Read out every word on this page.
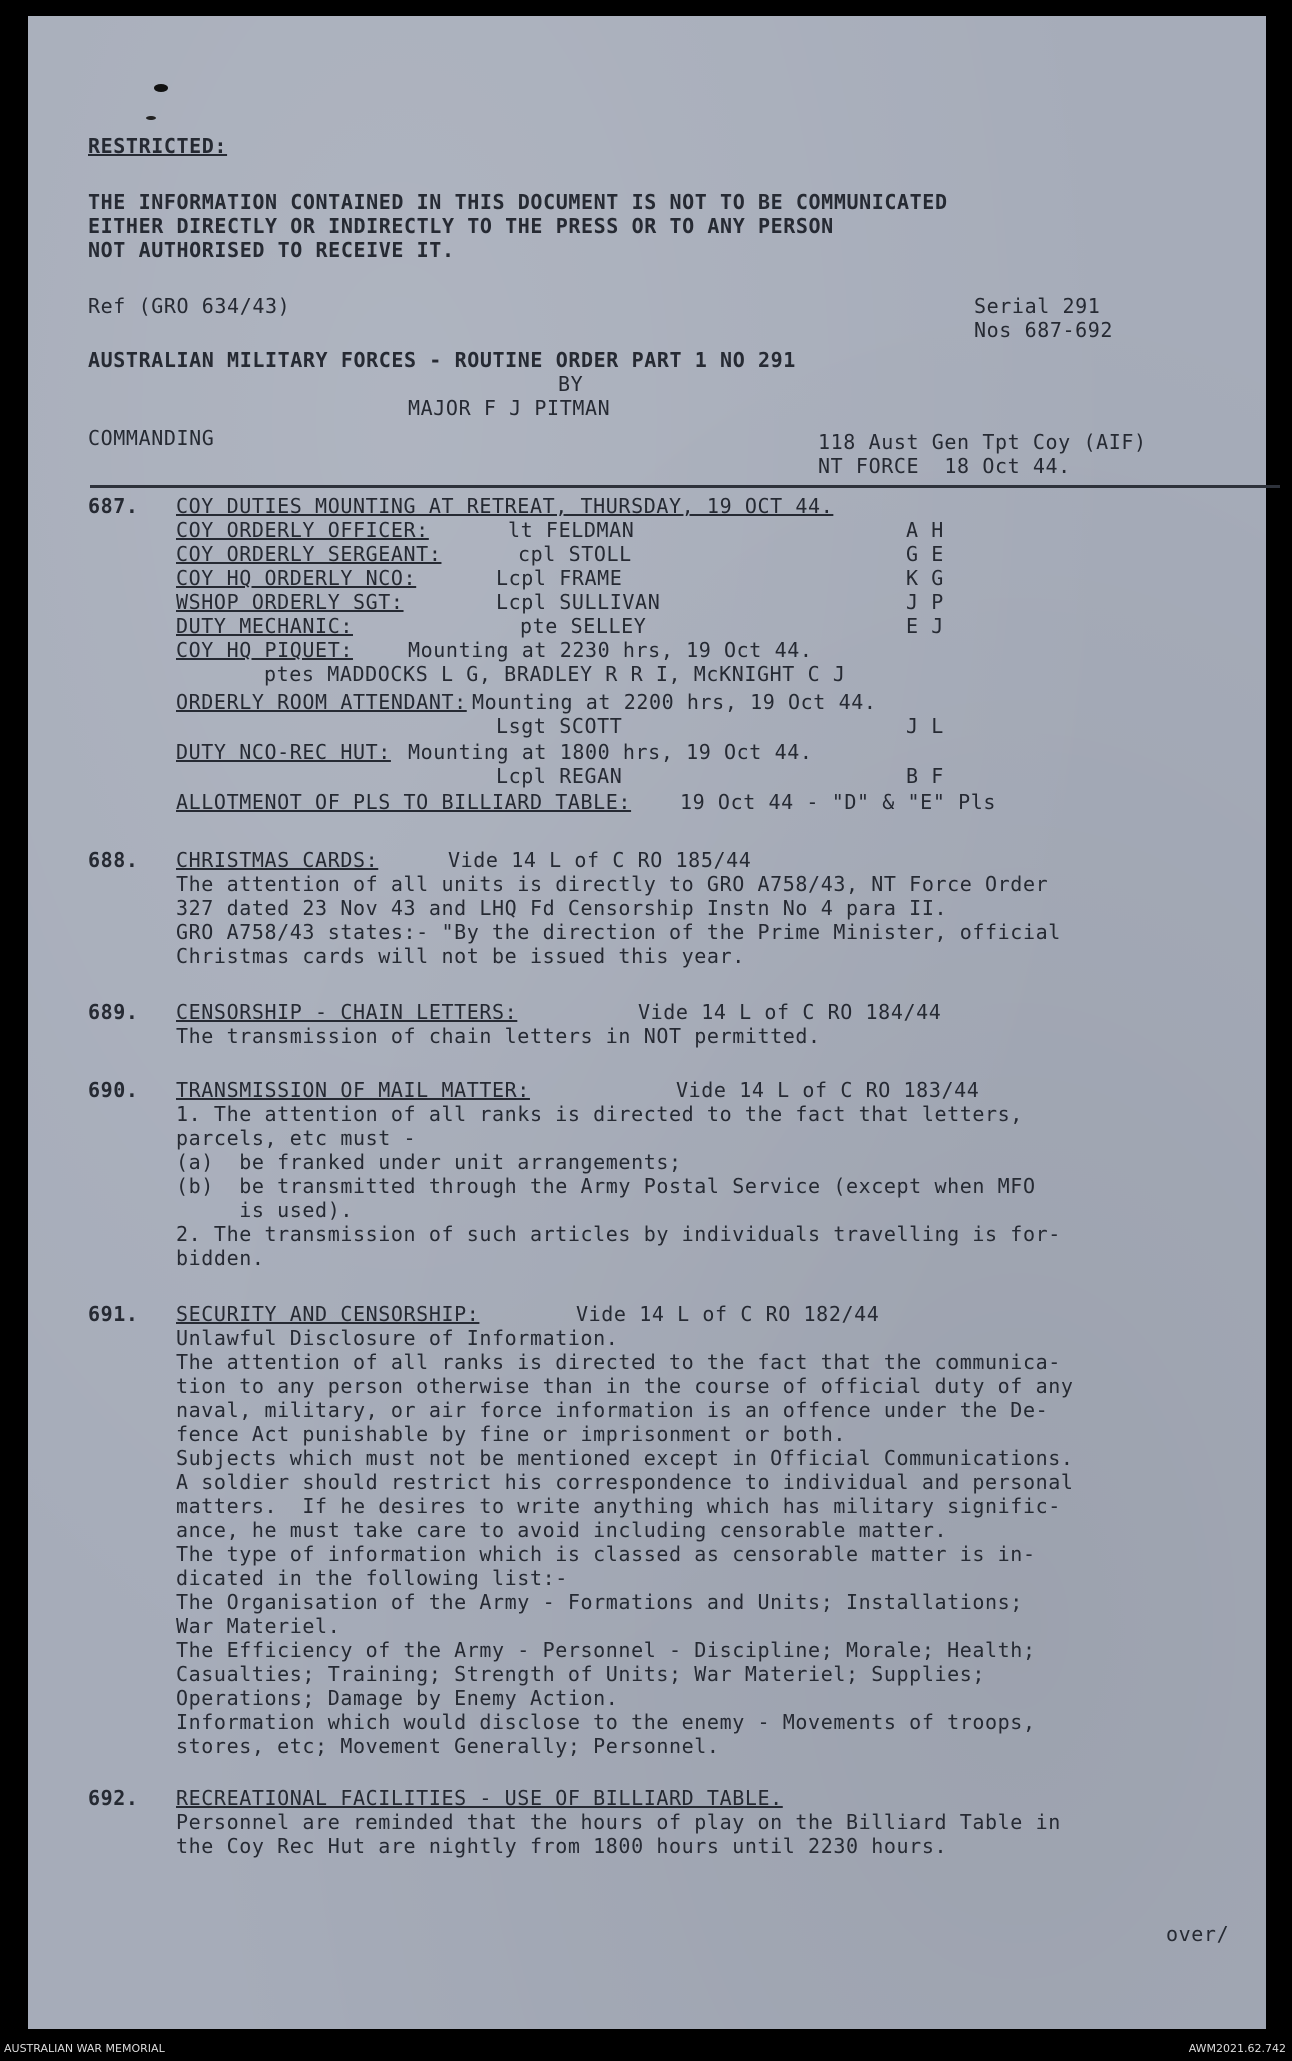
RESTRICTED:
THE INFORMATION CONTAINED IN THIS DOCUMENT IS NOT TO BE COMMUNICATED
EITHER DIRECTLY OR INDIRECTLY TO THE PRESS OR TO ANY PERSON
NOT AUTHORISED TO RECEIVE IT.
Ref (GRO 634/43)	Serial 291
Nos 687-692
AUSTRALIAN MILITARY FORCES - ROUTINE ORDER PART 1 NO 291
BY
MAJOR F J PITMAN
COMMANDING	118 Aust Gen Tpt Coy (AIF)
NT FORCE  18 Oct 44.
687. COY DUTIES MOUNTING AT RETREAT, THURSDAY, 19 OCT 44.
COY ORDERLY OFFICER:	lt FELDMAN	A H
COY ORDERLY SERGEANT:	cpl STOLL	G E
COY HQ ORDERLY NCO:	Lcpl FRAME	K G
WSHOP ORDERLY SGT:	Lcpl SULLIVAN	J P
DUTY MECHANIC:	pte SELLEY	E J
COY HQ PIQUET:	Mounting at 2230 hrs, 19 Oct 44.
ptes MADDOCKS L G, BRADLEY R R I, McKNIGHT C J
ORDERLY ROOM ATTENDANT: Mounting at 2200 hrs, 19 Oct 44.
Lsgt SCOTT	J L
DUTY NCO-REC HUT: Mounting at 1800 hrs, 19 Oct 44.
Lcpl REGAN	B F
ALLOTMENOT OF PLS TO BILLIARD TABLE: 19 Oct 44 - "D" & "E" Pls
688. CHRISTMAS CARDS:	Vide 14 L of C RO 185/44
The attention of all units is directly to GRO A758/43, NT Force Order
327 dated 23 Nov 43 and LHQ Fd Censorship Instn No 4 para II.
GRO A758/43 states:- "By the direction of the Prime Minister, official
Christmas cards will not be issued this year.
689. CENSORSHIP - CHAIN LETTERS:	Vide 14 L of C RO 184/44
The transmission of chain letters in NOT permitted.
690. TRANSMISSION OF MAIL MATTER:	Vide 14 L of C RO 183/44
1. The attention of all ranks is directed to the fact that letters,
parcels, etc must -
(a)  be franked under unit arrangements;
(b)  be transmitted through the Army Postal Service (except when MFO
is used).
2. The transmission of such articles by individuals travelling is for-
bidden.
691. SECURITY AND CENSORSHIP:	Vide 14 L of C RO 182/44
Unlawful Disclosure of Information.
The attention of all ranks is directed to the fact that the communica-
tion to any person otherwise than in the course of official duty of any
naval, military, or air force information is an offence under the De-
fence Act punishable by fine or imprisonment or both.
Subjects which must not be mentioned except in Official Communications.
A soldier should restrict his correspondence to individual and personal
matters.  If he desires to write anything which has military signific-
ance, he must take care to avoid including censorable matter.
The type of information which is classed as censorable matter is in-
dicated in the following list:-
The Organisation of the Army - Formations and Units; Installations;
War Materiel.
The Efficiency of the Army - Personnel - Discipline; Morale; Health;
Casualties; Training; Strength of Units; War Materiel; Supplies;
Operations; Damage by Enemy Action.
Information which would disclose to the enemy - Movements of troops,
stores, etc; Movement Generally; Personnel.
692. RECREATIONAL FACILITIES - USE OF BILLIARD TABLE.
Personnel are reminded that the hours of play on the Billiard Table in
the Coy Rec Hut are nightly from 1800 hours until 2230 hours.
over/
AUSTRALIAN WAR MEMORIAL	AWM2021.62.742
